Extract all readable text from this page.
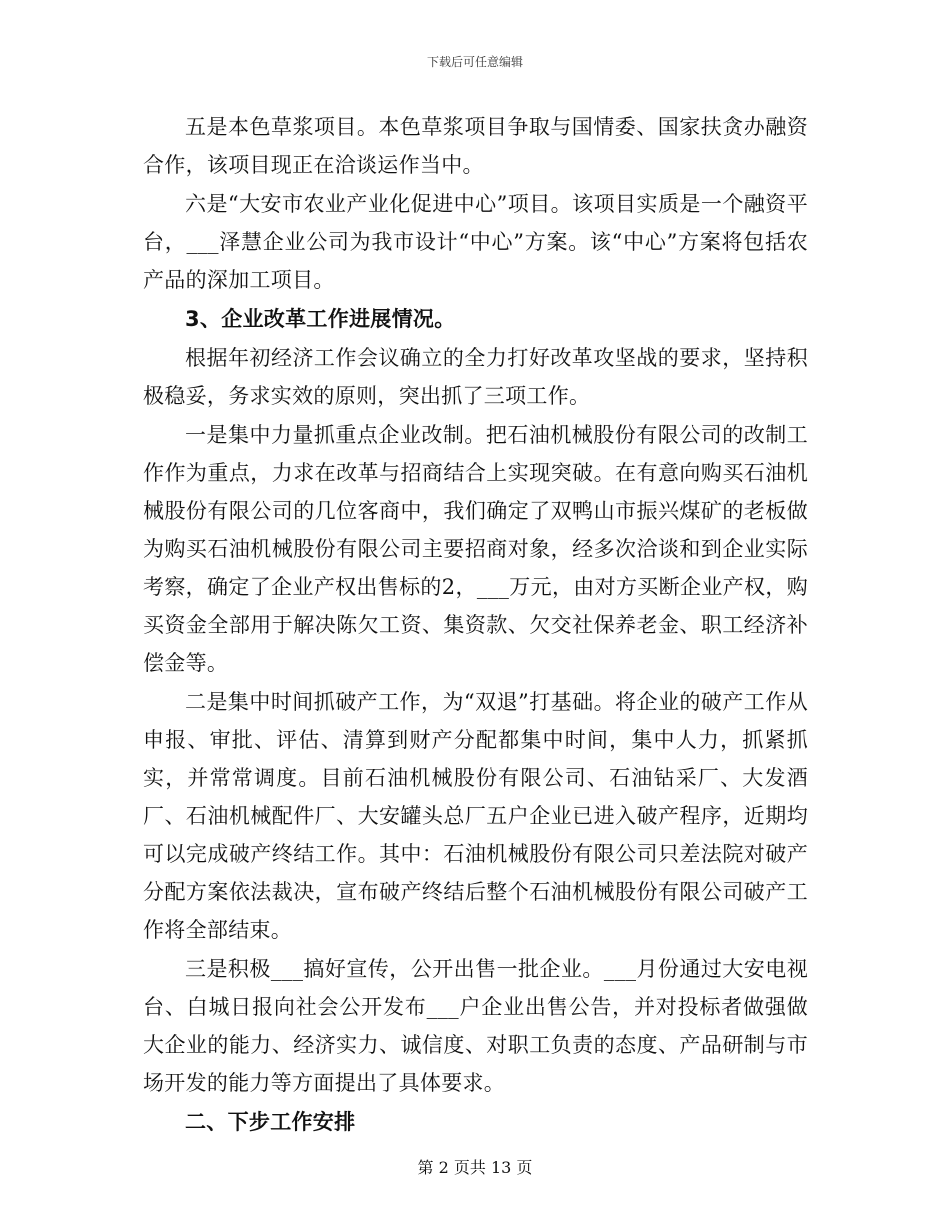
下载后可任意编辑

五是本色草浆项目。本色草浆项目争取与国情委、国家扶贪办融资合作，该项目现正在洽谈运作当中。

六是“大安市农业产业化促进中心”项目。该项目实质是一个融资平台，___泽慧企业公司为我市设计“中心”方案。该“中心”方案将包括农产品的深加工项目。

3、企业改革工作进展情况。

根据年初经济工作会议确立的全力打好改革攻坚战的要求，坚持积极稳妥，务求实效的原则，突出抓了三项工作。

一是集中力量抓重点企业改制。把石油机械股份有限公司的改制工作作为重点，力求在改革与招商结合上实现突破。在有意向购买石油机械股份有限公司的几位客商中，我们确定了双鸭山市振兴煤矿的老板做为购买石油机械股份有限公司主要招商对象，经多次洽谈和到企业实际考察，确定了企业产权出售标的2，___万元，由对方买断企业产权，购买资金全部用于解决陈欠工资、集资款、欠交社保养老金、职工经济补偿金等。

二是集中时间抓破产工作，为“双退”打基础。将企业的破产工作从申报、审批、评估、清算到财产分配都集中时间，集中人力，抓紧抓实，并常常调度。目前石油机械股份有限公司、石油钻采厂、大发酒厂、石油机械配件厂、大安罐头总厂五户企业已进入破产程序，近期均可以完成破产终结工作。其中：石油机械股份有限公司只差法院对破产分配方案依法裁决，宣布破产终结后整个石油机械股份有限公司破产工作将全部结束。

三是积极___搞好宣传，公开出售一批企业。___月份通过大安电视台、白城日报向社会公开发布___户企业出售公告，并对投标者做强做大企业的能力、经济实力、诚信度、对职工负责的态度、产品研制与市场开发的能力等方面提出了具体要求。

二、下步工作安排

第 2 页共 13 页
